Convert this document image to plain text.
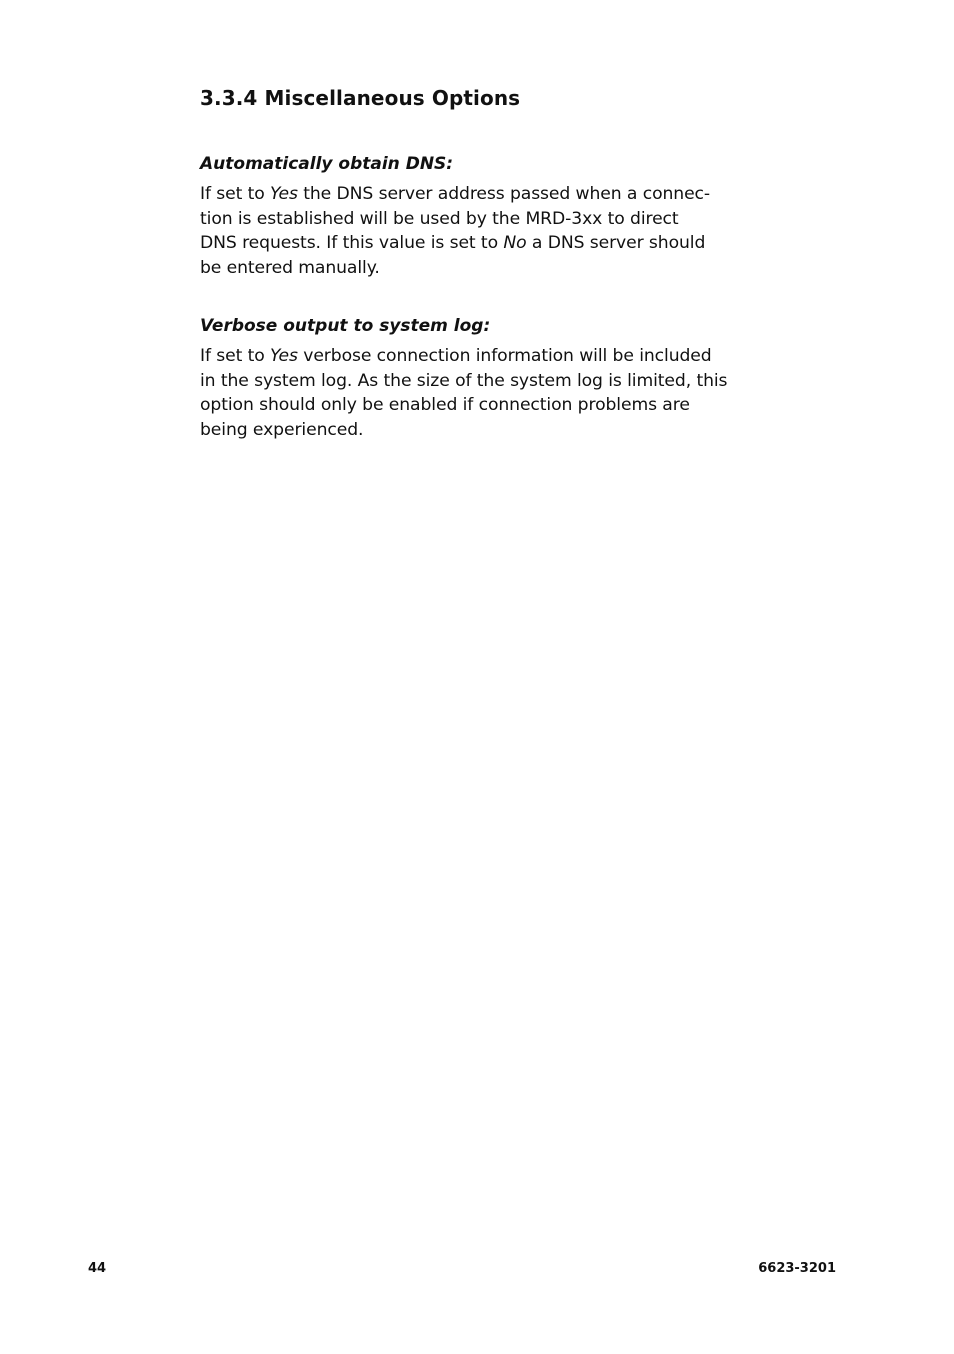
3.3.4 Miscellaneous Options
Automatically obtain DNS:

If set to Yes the DNS server address passed when a connec-
tion is established will be used by the MRD-3xx to direct
DNS requests. If this value is set to No a DNS server should
be entered manually.

Verbose output to system log:

If set to Yes verbose connection information will be included
in the system log. As the size of the system log is limited, this
option should only be enabled if connection problems are
being experienced.

44	6623-3201
